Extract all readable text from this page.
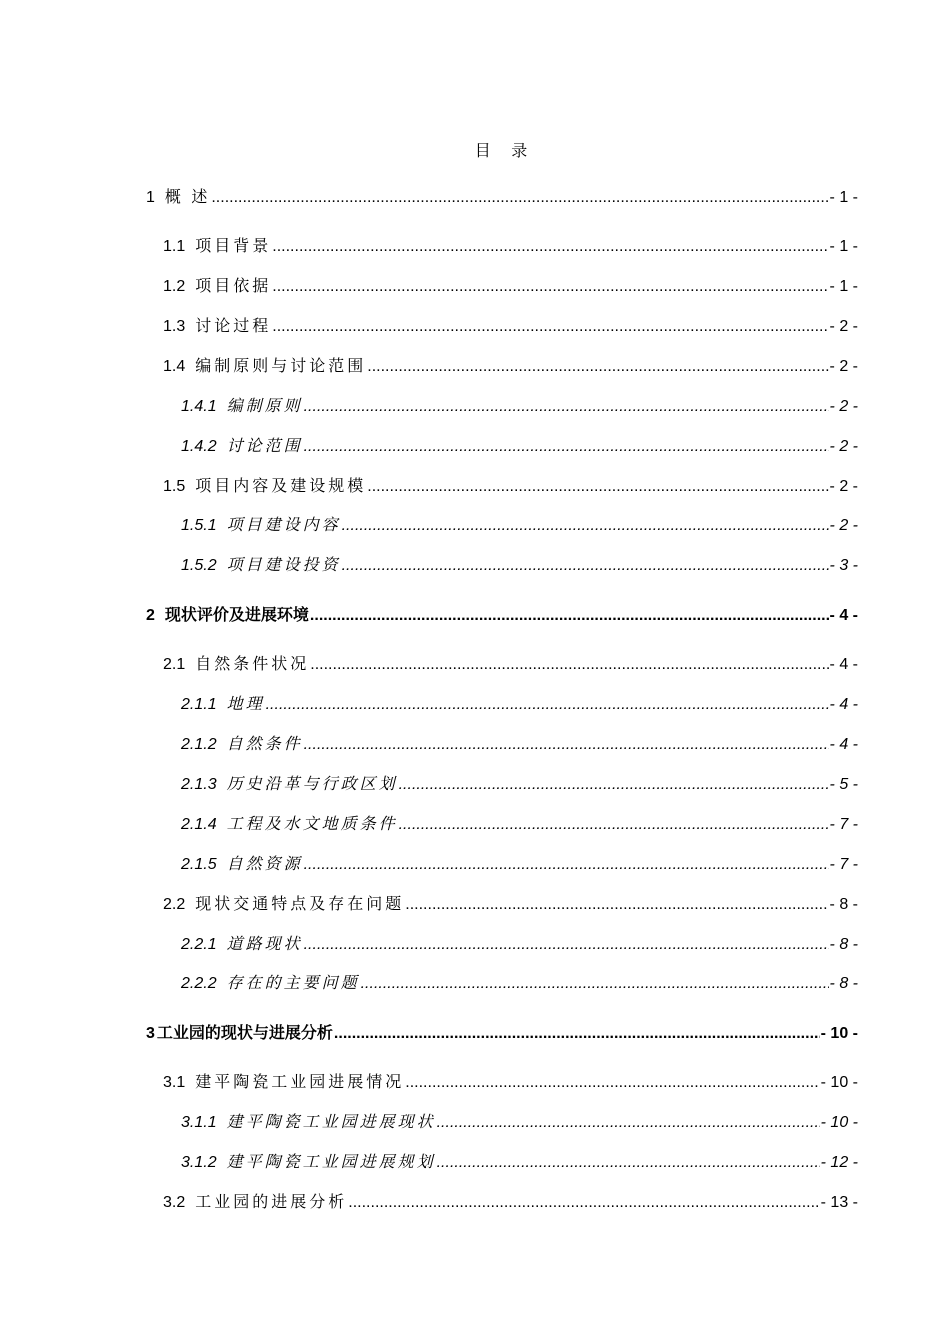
目 录
1 概 述 .....	- 1 -
1.1 项目背景 .....	- 1 -
1.2 项目依据 .....	- 1 -
1.3 讨论过程 .....	- 2 -
1.4 编制原则与讨论范围 .....	- 2 -
1.4.1 编制原则 .....	- 2 -
1.4.2 讨论范围 .....	- 2 -
1.5 项目内容及建设规模 .....	- 2 -
1.5.1 项目建设内容 .....	- 2 -
1.5.2 项目建设投资 .....	- 3 -
2 现状评价及进展环境 .....	- 4 -
2.1 自然条件状况 .....	- 4 -
2.1.1 地理 .....	- 4 -
2.1.2 自然条件 .....	- 4 -
2.1.3 历史沿革与行政区划 .....	- 5 -
2.1.4 工程及水文地质条件 .....	- 7 -
2.1.5 自然资源 .....	- 7 -
2.2 现状交通特点及存在问题 .....	- 8 -
2.2.1 道路现状 .....	- 8 -
2.2.2 存在的主要问题 .....	- 8 -
3 工业园的现状与进展分析 .....	- 10 -
3.1 建平陶瓷工业园进展情况 .....	- 10 -
3.1.1 建平陶瓷工业园进展现状 .....	- 10 -
3.1.2 建平陶瓷工业园进展规划 .....	- 12 -
3.2 工业园的进展分析 .....	- 13 -
